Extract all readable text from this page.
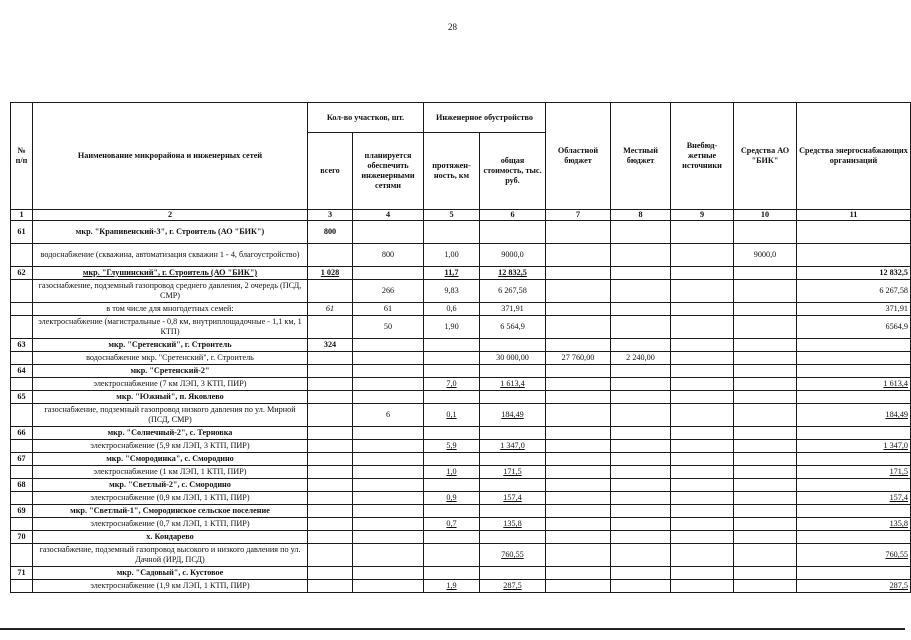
28
№ п/п	Наименование микрорайона и инженерных сетей	Кол-во участков, шт.		Инженерное обустройство		Областной бюджет	Местный бюджет	Внебюд-жетные источники	Средства АО "БИК"	Средства энергоснабжающих организаций
		всего	планируется обеспечить инженерными сетями	протяжен-ность, км	общая стоимость, тыс. руб.					
1	2	3	4	5	6	7	8	9	10	11
61	мкр. "Крапивенский-3", г. Строитель (АО "БИК")	800								
	водоснабжение (скважина, автоматизация скважин 1 - 4, благоустройство)		800	1,00	9000,0				9000,0	
62	мкр. "Глушинский", г. Строитель (АО "БИК")	1 028		11,7	12 832,5					12 832,5
	газоснабжение, подземный газопровод среднего давления, 2 очередь (ПСД, СМР)		266	9,83	6 267,58					6 267,58
	в том числе для многодетных семей:	61	61	0,6	371,91					371,91
	электроснабжение (магистральные - 0,8 км, внутриплощадочные - 1,1 км, 1 КТП)		50	1,90	6 564,9					6564,9
63	мкр. "Сретенский", г. Строитель	324								
	водоснабжение мкр. "Сретенский", г. Строитель				30 000,00	27 760,00	2 240,00			
64	мкр. "Сретенский-2"									
	электроснабжение (7 км ЛЭП, 3 КТП, ПИР)			7,0	1 613,4					1 613,4
65	мкр. "Южный", п. Яковлево									
	газоснабжение, подземный газопровод низкого давления по ул. Мирной (ПСД, СМР)		6	0,1	184,49					184,49
66	мкр. "Солнечный-2", с. Терновка									
	электроснабжение (5,9 км ЛЭП, 3 КТП, ПИР)			5,9	1 347,0					1 347,0
67	мкр. "Смородинка", с. Смородино									
	электроснабжение (1 км ЛЭП, 1 КТП, ПИР)			1,0	171,5					171,5
68	мкр. "Светлый-2", с. Смородино									
	электроснабжение (0,9 км ЛЭП, 1 КТП, ПИР)			0,9	157,4					157,4
69	мкр. "Светлый-1", Смородинское сельское поселение									
	электроснабжение (0,7 км ЛЭП, 1 КТП, ПИР)			0,7	135,8					135,8
70	х. Кондарево									
	газоснабжение, подземный газопровод высокого и низкого давления по ул. Дачной (ИРД, ПСД)				760,55					760,55
71	мкр. "Садовый", с. Кустовое									
	электроснабжение (1,9 км ЛЭП, 1 КТП, ПИР)			1,9	287,5					287,5
